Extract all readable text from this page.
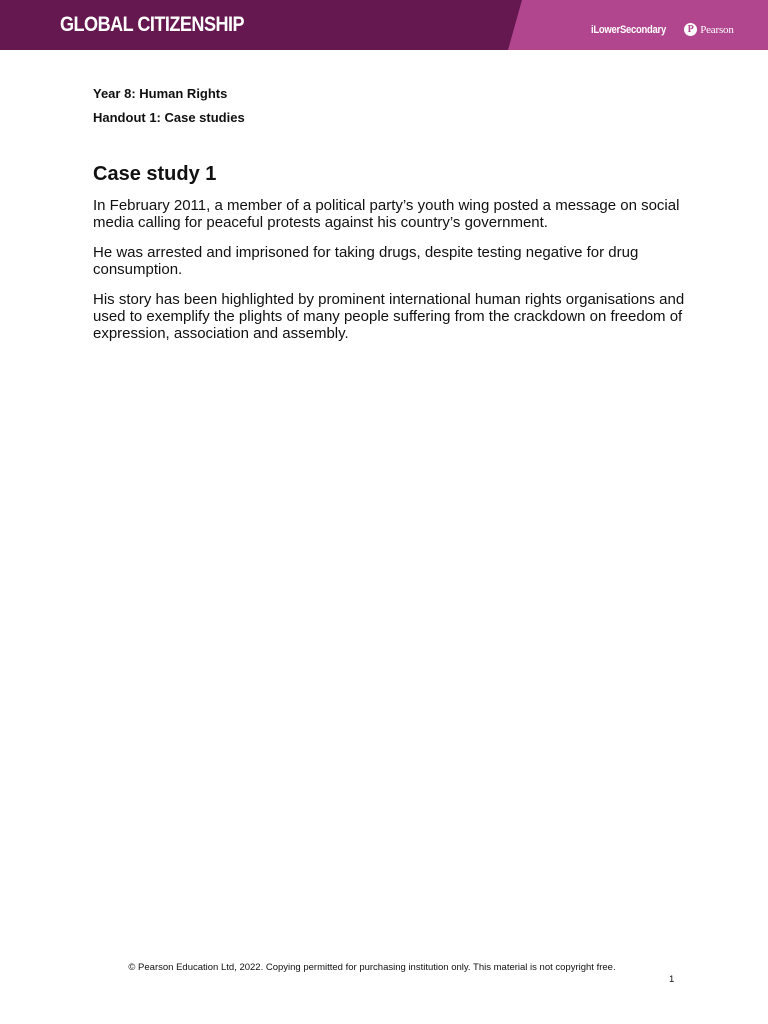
GLOBAL CITIZENSHIP	iLowerSecondary	P Pearson

Year 8: Human Rights

Handout 1: Case studies

Case study 1

In February 2011, a member of a political party’s youth wing posted a message on social media calling for peaceful protests against his country’s government.

He was arrested and imprisoned for taking drugs, despite testing negative for drug consumption.

His story has been highlighted by prominent international human rights organisations and used to exemplify the plights of many people suffering from the crackdown on freedom of expression, association and assembly.

© Pearson Education Ltd, 2022. Copying permitted for purchasing institution only. This material is not copyright free.
1
